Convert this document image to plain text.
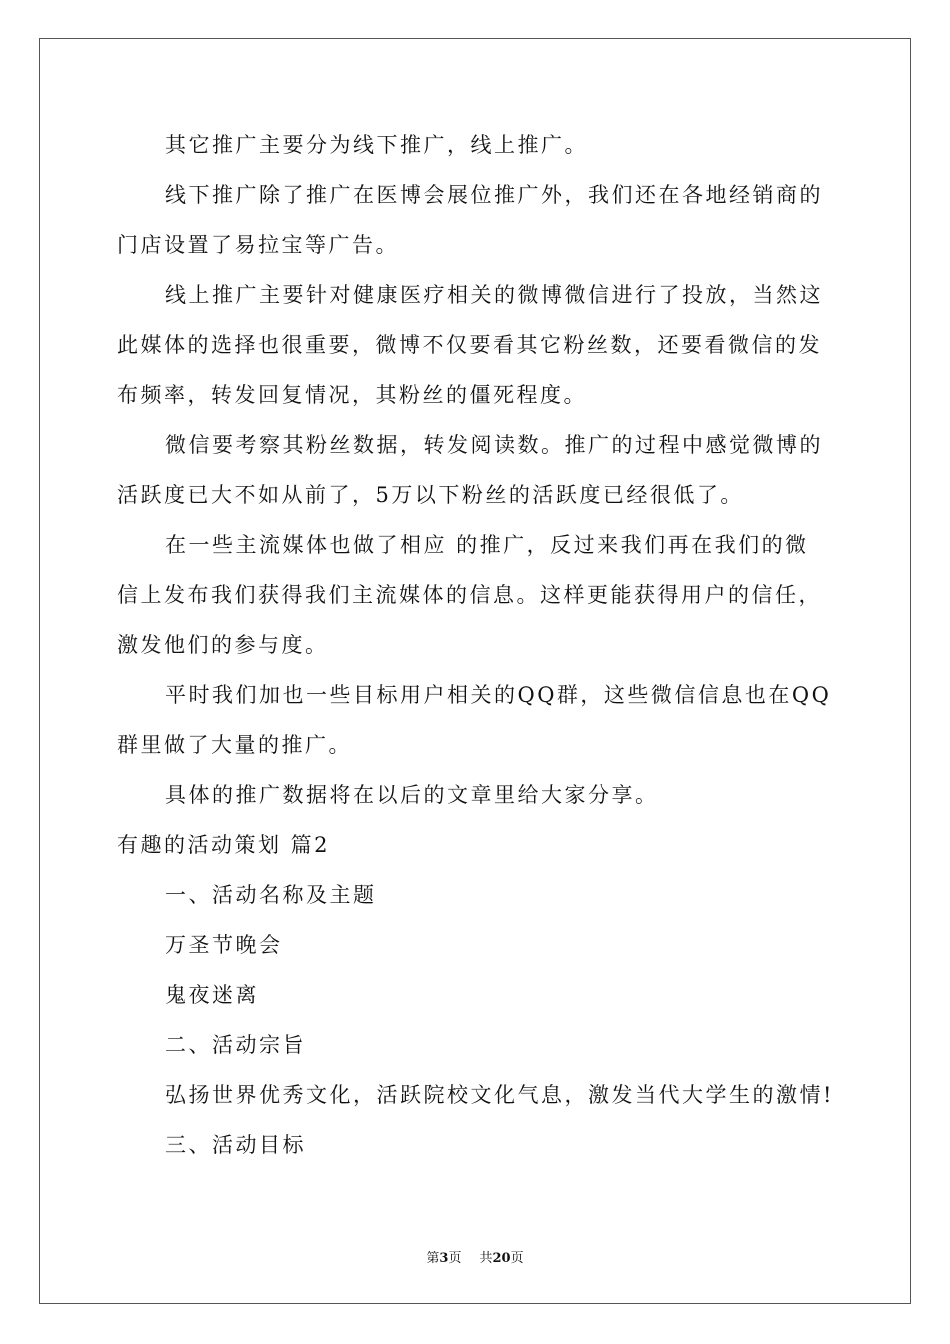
其它推广主要分为线下推广，线上推广。
线下推广除了推广在医博会展位推广外，我们还在各地经销商的
门店设置了易拉宝等广告。
线上推广主要针对健康医疗相关的微博微信进行了投放，当然这
此媒体的选择也很重要，微博不仅要看其它粉丝数，还要看微信的发
布频率，转发回复情况，其粉丝的僵死程度。
微信要考察其粉丝数据，转发阅读数。推广的过程中感觉微博的
活跃度已大不如从前了，5万以下粉丝的活跃度已经很低了。
在一些主流媒体也做了相应 的推广，反过来我们再在我们的微
信上发布我们获得我们主流媒体的信息。这样更能获得用户的信任，
激发他们的参与度。
平时我们加也一些目标用户相关的QQ群，这些微信信息也在QQ
群里做了大量的推广。
具体的推广数据将在以后的文章里给大家分享。
有趣的活动策划 篇2
一、活动名称及主题
万圣节晚会
鬼夜迷离
二、活动宗旨
弘扬世界优秀文化，活跃院校文化气息，激发当代大学生的激情!
三、活动目标
第3页 共20页
